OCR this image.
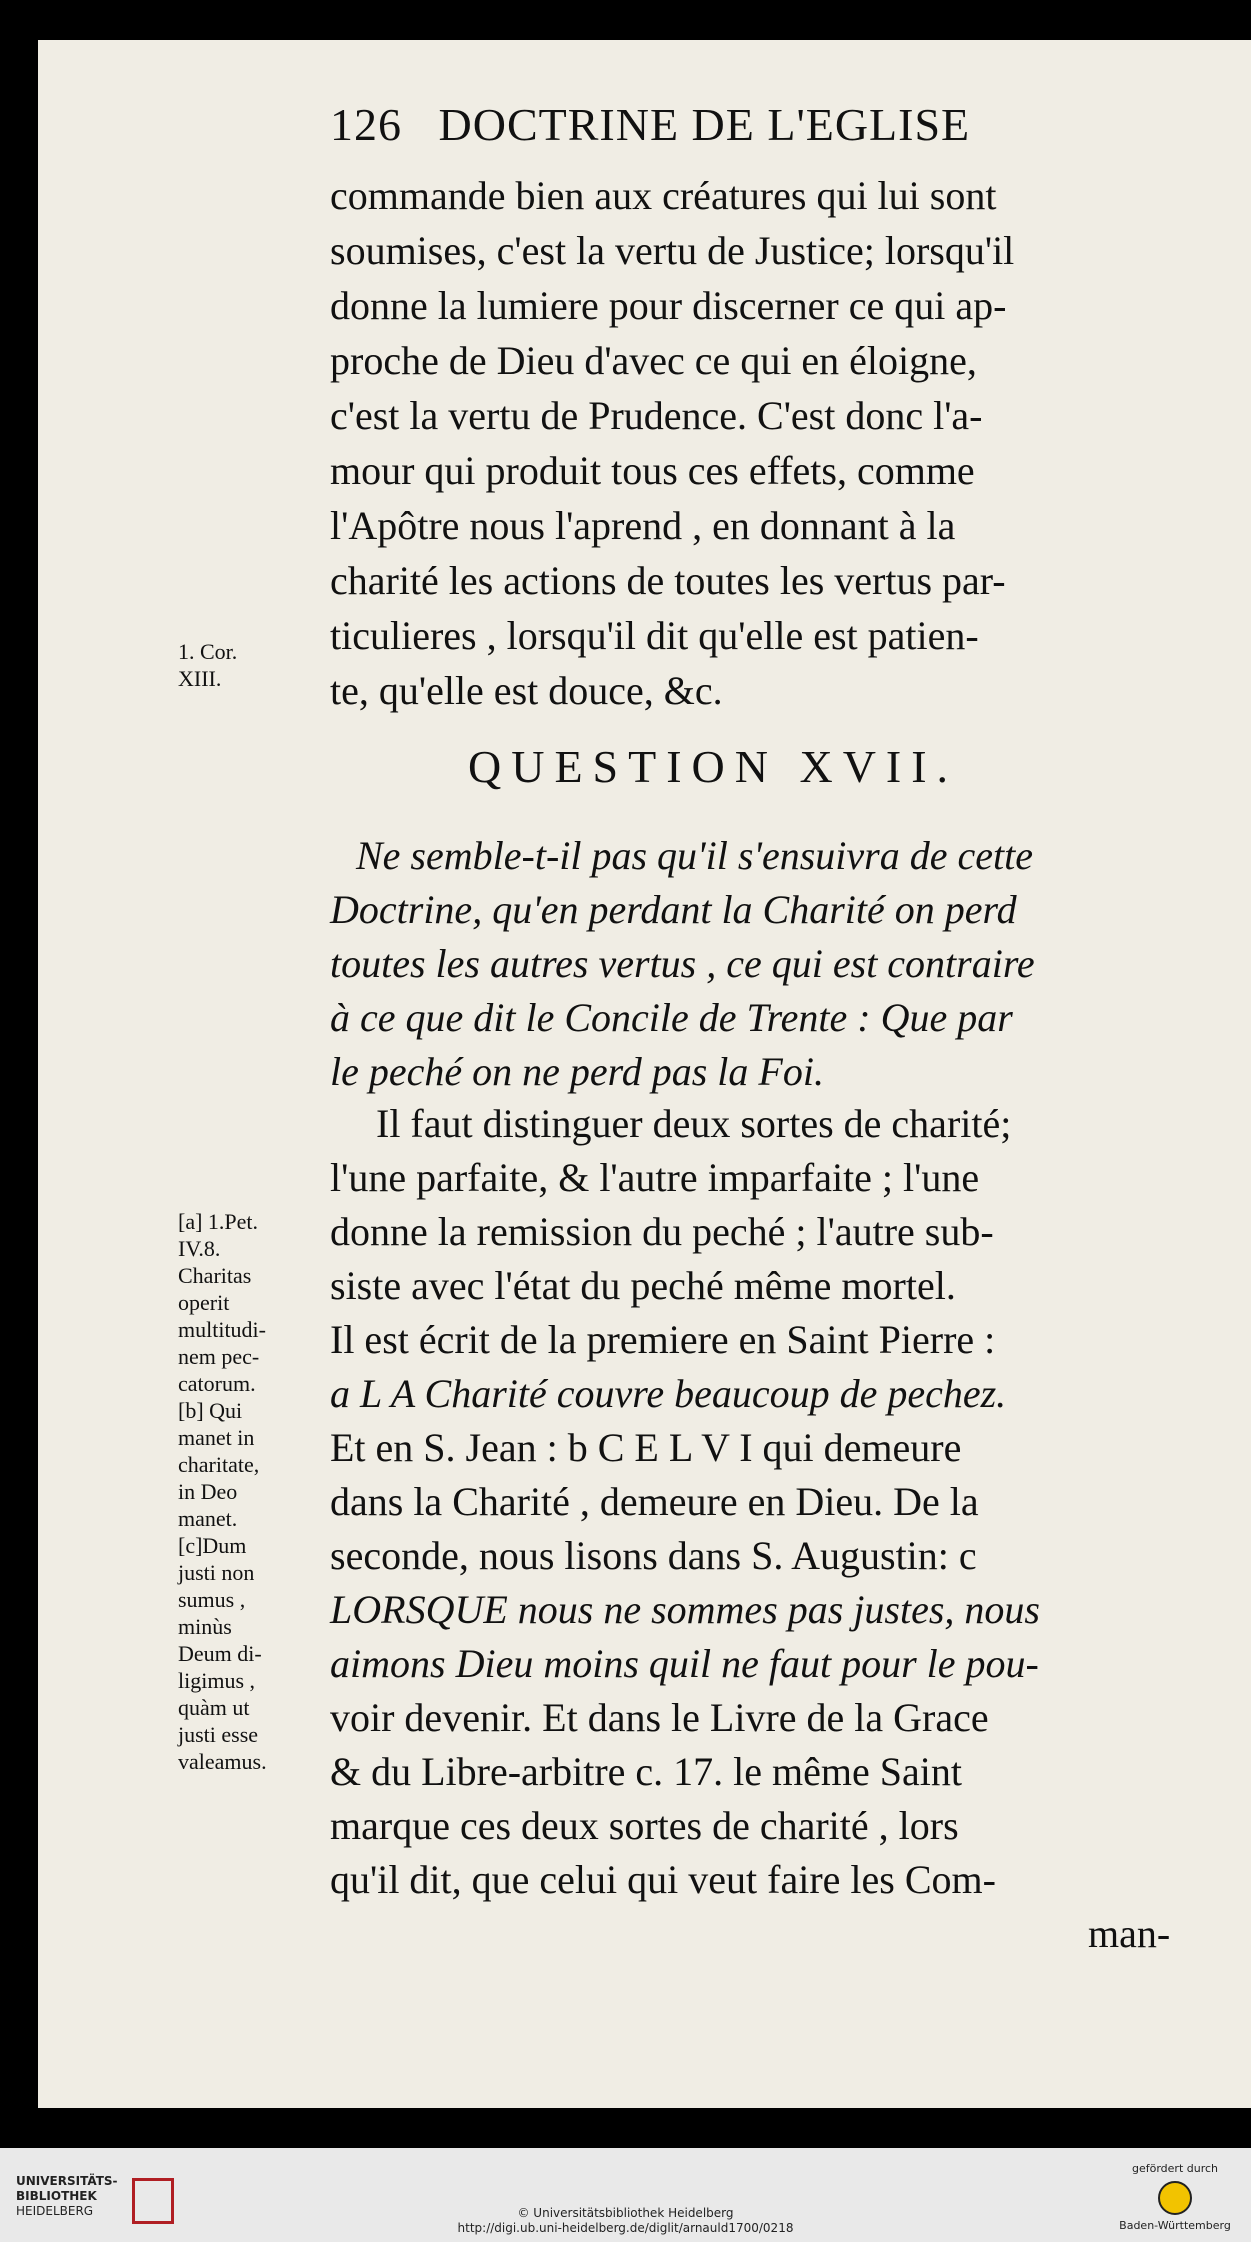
126 DOCTRINE DE L'EGLISE
commande bien aux créatures qui lui sont
soumises, c'est la vertu de Justice; lorsqu'il
donne la lumiere pour discerner ce qui ap-
proche de Dieu d'avec ce qui en éloigne,
c'est la vertu de Prudence. C'est donc l'a-
mour qui produit tous ces effets, comme
l'Apôtre nous l'aprend , en donnant à la
charité les actions de toutes les vertus par-
ticulieres , lorsqu'il dit qu'elle est patien-
te, qu'elle est douce, &c.
1. Cor.
XIII.
QUESTION XVII.
Ne semble-t-il pas qu'il s'ensuivra de cette
Doctrine, qu'en perdant la Charité on perd
toutes les autres vertus , ce qui est contraire
à ce que dit le Concile de Trente : Que par
le peché on ne perd pas la Foi.
Il faut distinguer deux sortes de charité;
l'une parfaite, & l'autre imparfaite ; l'une
donne la remission du peché ; l'autre sub-
siste avec l'état du peché même mortel.
Il est écrit de la premiere en Saint Pierre :
a L A Charité couvre beaucoup de pechez.
Et en S. Jean : b C E L V I qui demeure
dans la Charité , demeure en Dieu. De la
seconde, nous lisons dans S. Augustin: c
LORSQUE nous ne sommes pas justes, nous
aimons Dieu moins quil ne faut pour le pou-
voir devenir. Et dans le Livre de la Grace
& du Libre-arbitre c. 17. le même Saint
marque ces deux sortes de charité , lors
qu'il dit, que celui qui veut faire les Com-
man-
[a] 1.Pet.
IV.8.
Charitas
operit
multitudi-
nem pec-
catorum.
[b] Qui
manet in
charitate,
in Deo
manet.
[c]Dum
justi non
sumus ,
minùs
Deum di-
ligimus ,
quàm ut
justi esse
valeamus.
UNIVERSITÄTS-
BIBLIOTHEK
HEIDELBERG	© Universitätsbibliothek Heidelberg
http://digi.ub.uni-heidelberg.de/diglit/arnauld1700/0218
gefördert durch
Baden-Württemberg
